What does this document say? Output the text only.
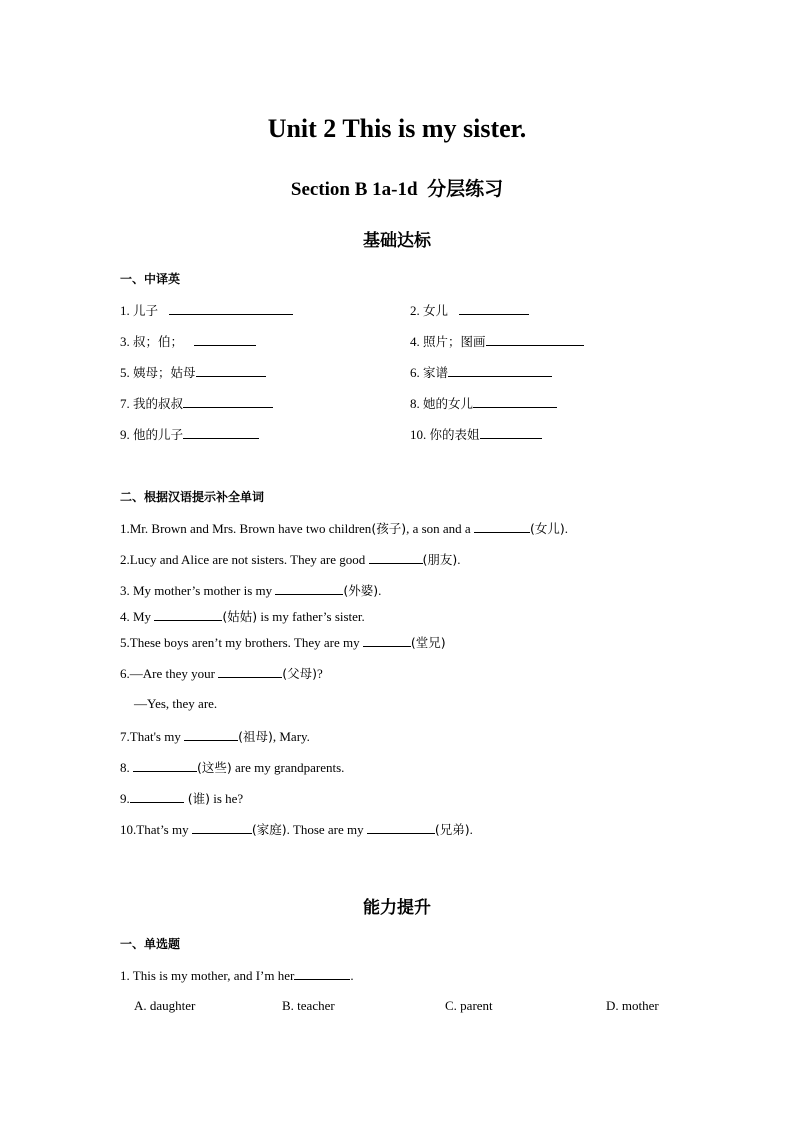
Unit 2 This is my sister.
Section B 1a-1d 分层练习
基础达标
一、中译英
1. 儿子	2. 女儿
3. 叔；伯；	4. 照片；图画
5. 姨母；姑母	6. 家谱
7. 我的叔叔	8. 她的女儿
9. 他的儿子	10. 你的表姐
二、根据汉语提示补全单词
1.Mr. Brown and Mrs. Brown have two children(孩子), a son and a	(女儿).
2.Lucy and Alice are not sisters. They are good	(朋友).
3. My mother’s mother is my	(外婆).
4. My	(姑姑) is my father’s sister.
5.These boys aren’t my brothers. They are my	(堂兄)
6.—Are they your	(父母)?
—Yes, they are.
7.That's my	(祖母), Mary.
8.	(这些) are my grandparents.
9.	(谁) is he?
10.That’s my	(家庭). Those are my	(兄弟).
能力提升
一、单选题
1. This is my mother, and I’m her	.
A. daughter	B. teacher	C. parent	D. mother
